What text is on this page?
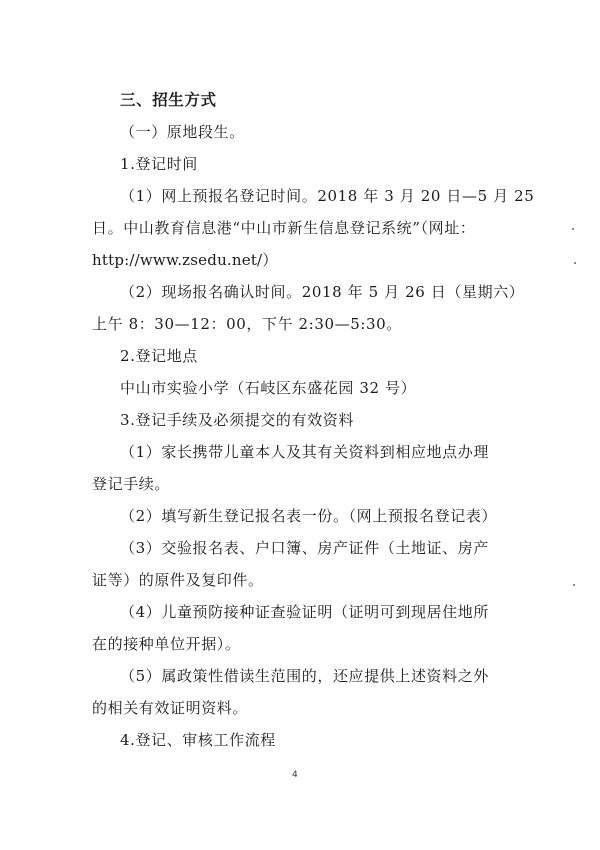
三、招生方式
（一）原地段生。
1.登记时间
（1）网上预报名登记时间。2018 年 3 月 20 日—5 月 25
日。中山教育信息港“中山市新生信息登记系统”（网址：
http://www.zsedu.net/）
（2）现场报名确认时间。2018 年 5 月 26 日（星期六）
上午 8：30—12：00，下午 2:30—5:30。
2.登记地点
中山市实验小学（石岐区东盛花园 32 号）
3.登记手续及必须提交的有效资料
（1）家长携带儿童本人及其有关资料到相应地点办理
登记手续。
（2）填写新生登记报名表一份。（网上预报名登记表）
（3）交验报名表、户口簿、房产证件（土地证、房产
证等）的原件及复印件。
（4）儿童预防接种证查验证明（证明可到现居住地所
在的接种单位开据）。
（5）属政策性借读生范围的，还应提供上述资料之外
的相关有效证明资料。
4.登记、审核工作流程
4
